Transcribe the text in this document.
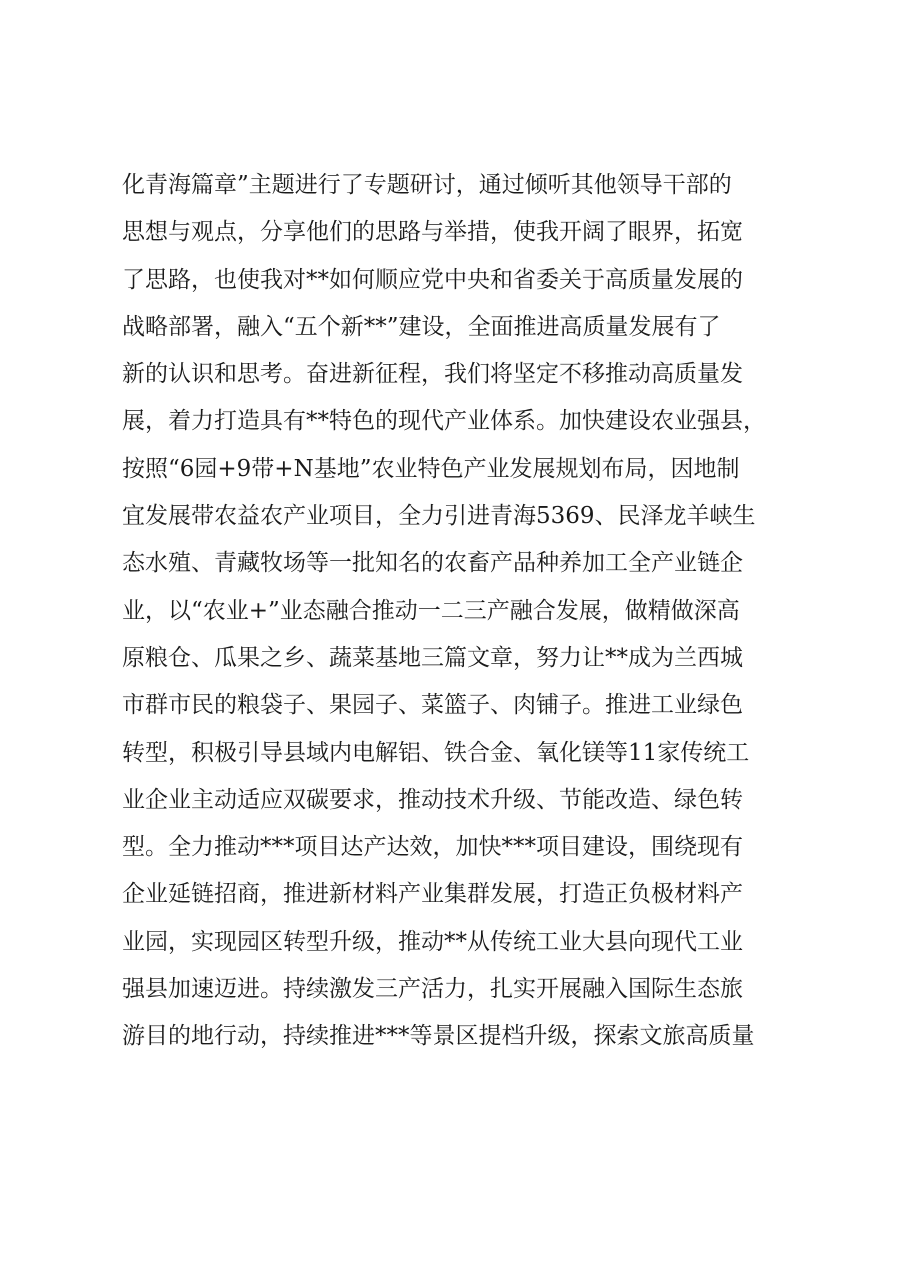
化青海篇章”主题进行了专题研讨，通过倾听其他领导干部的
思想与观点，分享他们的思路与举措，使我开阔了眼界，拓宽
了思路，也使我对**如何顺应党中央和省委关于高质量发展的
战略部署，融入“五个新**”建设，全面推进高质量发展有了
新的认识和思考。奋进新征程，我们将坚定不移推动高质量发
展，着力打造具有**特色的现代产业体系。加快建设农业强县，
按照“6园+9带+N基地”农业特色产业发展规划布局，因地制
宜发展带农益农产业项目，全力引进青海5369、民泽龙羊峡生
态水殖、青藏牧场等一批知名的农畜产品种养加工全产业链企
业，以“农业+”业态融合推动一二三产融合发展，做精做深高
原粮仓、瓜果之乡、蔬菜基地三篇文章，努力让**成为兰西城
市群市民的粮袋子、果园子、菜篮子、肉铺子。推进工业绿色
转型，积极引导县域内电解铝、铁合金、氧化镁等11家传统工
业企业主动适应双碳要求，推动技术升级、节能改造、绿色转
型。全力推动***项目达产达效，加快***项目建设，围绕现有
企业延链招商，推进新材料产业集群发展，打造正负极材料产
业园，实现园区转型升级，推动**从传统工业大县向现代工业
强县加速迈进。持续激发三产活力，扎实开展融入国际生态旅
游目的地行动，持续推进***等景区提档升级，探索文旅高质量
